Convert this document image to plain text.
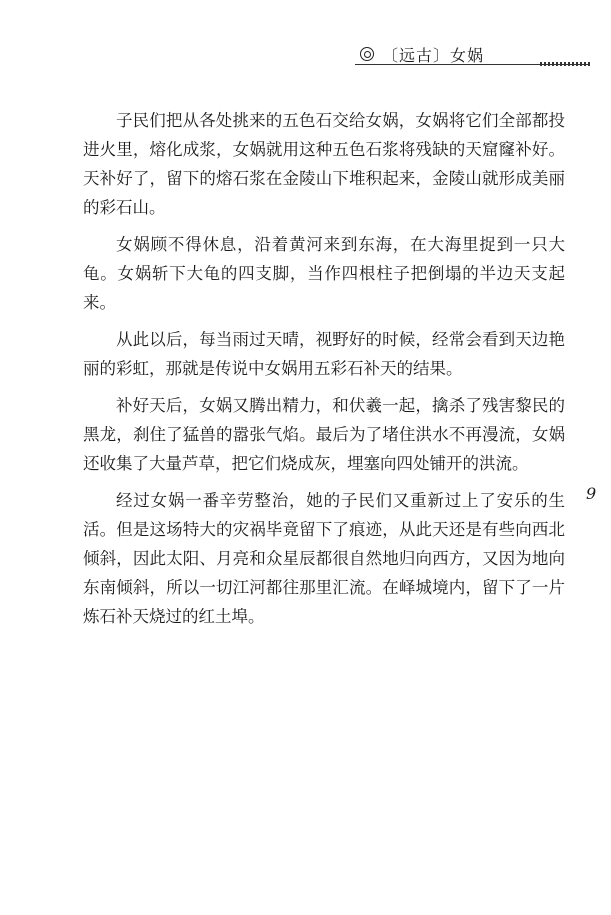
〔远古〕女娲

子民们把从各处挑来的五色石交给女娲，女娲将它们全部都投进火里，熔化成浆，女娲就用这种五色石浆将残缺的天窟窿补好。天补好了，留下的熔石浆在金陵山下堆积起来，金陵山就形成美丽的彩石山。

女娲顾不得休息，沿着黄河来到东海，在大海里捉到一只大龟。女娲斩下大龟的四支脚，当作四根柱子把倒塌的半边天支起来。

从此以后，每当雨过天晴，视野好的时候，经常会看到天边艳丽的彩虹，那就是传说中女娲用五彩石补天的结果。

补好天后，女娲又腾出精力，和伏羲一起，擒杀了残害黎民的黑龙，刹住了猛兽的嚣张气焰。最后为了堵住洪水不再漫流，女娲还收集了大量芦草，把它们烧成灰，埋塞向四处铺开的洪流。

经过女娲一番辛劳整治，她的子民们又重新过上了安乐的生活。但是这场特大的灾祸毕竟留下了痕迹，从此天还是有些向西北倾斜，因此太阳、月亮和众星辰都很自然地归向西方，又因为地向东南倾斜，所以一切江河都往那里汇流。在峄城境内，留下了一片炼石补天烧过的红土埠。

9
